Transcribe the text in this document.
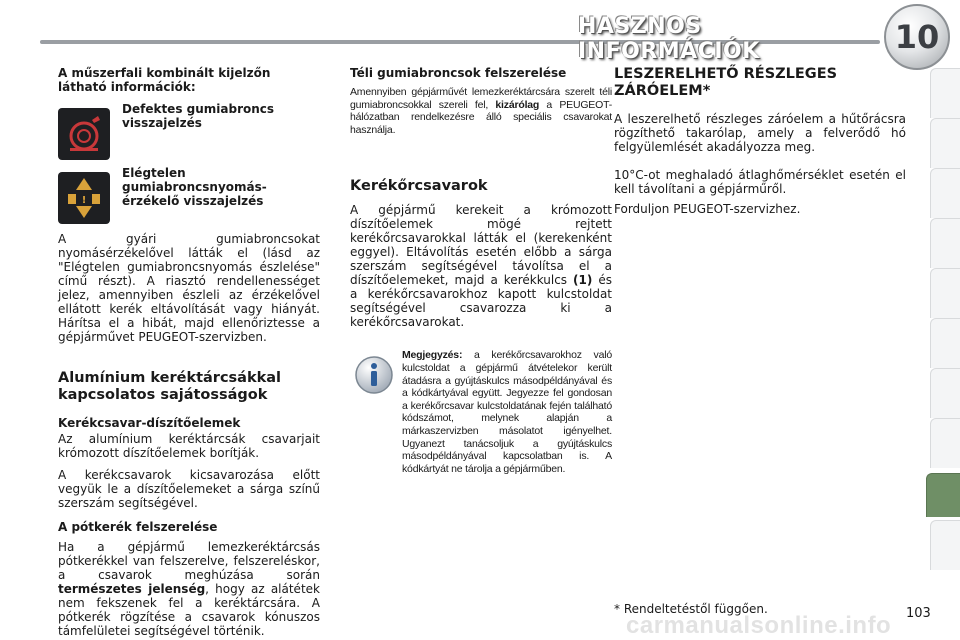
HASZNOS INFORMÁCIÓK	10
A műszerfali kombinált kijelzőn látható információk:
Defektes gumiabroncs visszajelzés
!
Elégtelen gumiabroncsnyomás-érzékelő visszajelzés
A gyári gumiabroncsokat nyomásérzékelővel látták el (lásd az "Elégtelen gumiabroncsnyomás észlelése" című részt). A riasztó rendellenességet jelez, amennyiben észleli az érzékelővel ellátott kerék eltávolítását vagy hiányát. Hárítsa el a hibát, majd ellenőriztesse a gépjárművet PEUGEOT-szervizben.
Alumínium keréktárcsákkal kapcsolatos sajátosságok
Kerékcsavar-díszítőelemek
Az alumínium keréktárcsák csavarjait krómozott díszítőelemek borítják.
A kerékcsavarok kicsavarozása előtt vegyük le a díszítőelemeket a sárga színű szerszám segítségével.
A pótkerék felszerelése
Ha a gépjármű lemezkeréktárcsás pótkerékkel van felszerelve, felszereléskor, a csavarok meghúzása során természetes jelenség, hogy az alátétek nem fekszenek fel a keréktárcsára. A pótkerék rögzítése a csavarok kónuszos támfelületei segítségével történik.
Téli gumiabroncsok felszerelése
Amennyiben gépjárművét lemezkeréktárcsára szerelt téli gumiabroncsokkal szereli fel, kizárólag a PEUGEOT-hálózatban rendelkezésre álló speciális csavarokat használja.
Kerékőrcsavarok
A gépjármű kerekeit a krómozott díszítőelemek mögé rejtett kerékőrcsavarokkal látták el (kerekenként eggyel). Eltávolítás esetén előbb a sárga szerszám segítségével távolítsa el a díszítőelemeket, majd a kerékkulcs (1) és a kerékőrcsavarokhoz kapott kulcstoldat segítségével csavarozza ki a kerékőrcsavarokat.
Megjegyzés: a kerékőrcsavarokhoz való kulcstoldat a gépjármű átvételekor került átadásra a gyújtáskulcs másodpéldányával és a kódkártyával együtt. Jegyezze fel gondosan a kerékőrcsavar kulcstoldatának fején található kódszámot, melynek alapján a márkaszervizben másolatot igényelhet. Ugyanezt tanácsoljuk a gyújtáskulcs másodpéldányával kapcsolatban is. A kódkártyát ne tárolja a gépjárműben.
LESZERELHETŐ RÉSZLEGES ZÁRÓELEM*
A leszerelhető részleges záróelem a hűtőrácsra rögzíthető takarólap, amely a felverődő hó felgyülemlését akadályozza meg.
10°C-ot meghaladó átlaghőmérséklet esetén el kell távolítani a gépjárműről.
Forduljon PEUGEOT-szervizhez.
* Rendeltetéstől függően.
carmanualsonline.info 103
